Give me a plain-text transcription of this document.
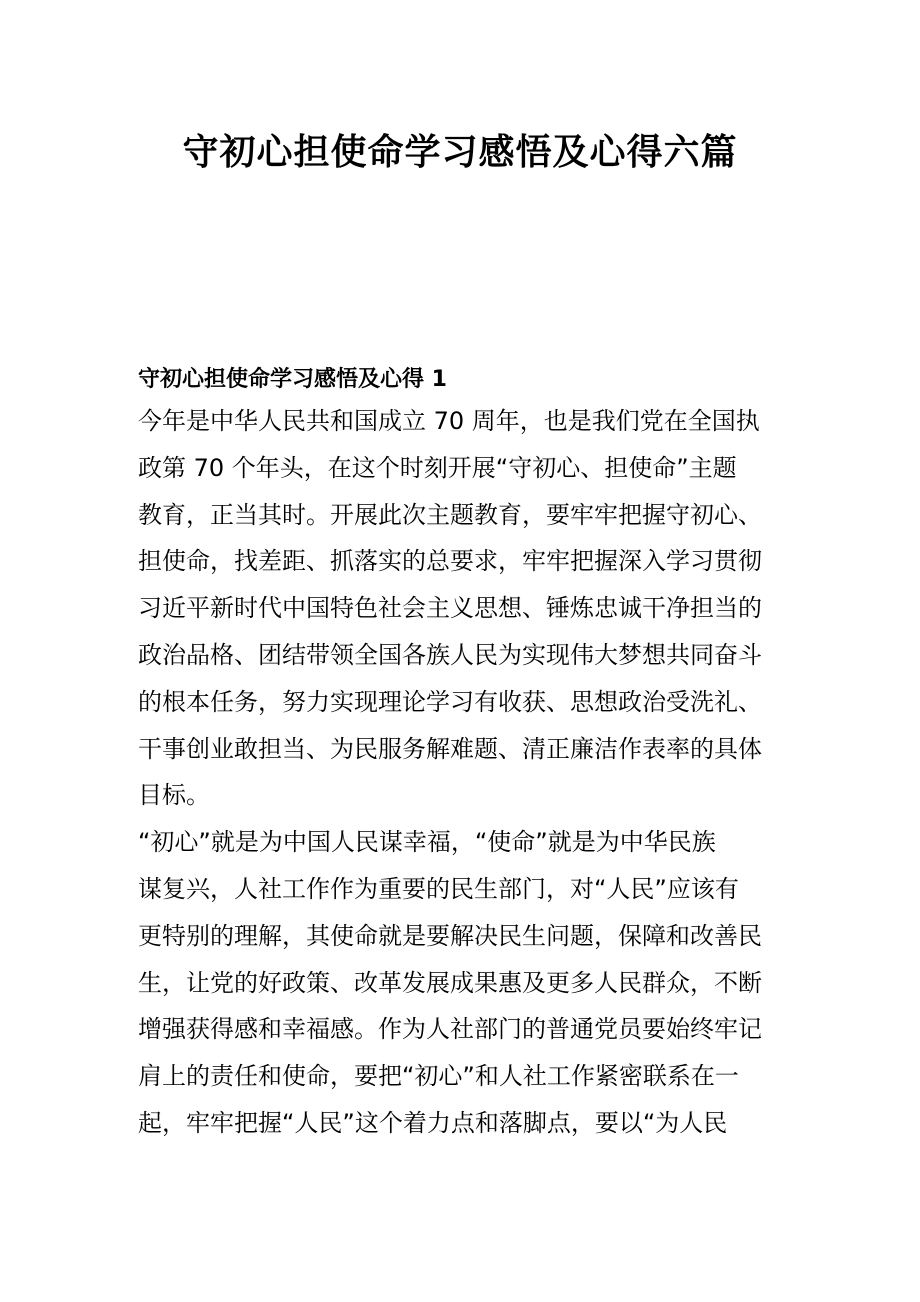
守初心担使命学习感悟及心得六篇

守初心担使命学习感悟及心得 1

今年是中华人民共和国成立 70 周年，也是我们党在全国执

政第 70 个年头，在这个时刻开展“守初心、担使命”主题

教育，正当其时。开展此次主题教育，要牢牢把握守初心、

担使命，找差距、抓落实的总要求，牢牢把握深入学习贯彻

习近平新时代中国特色社会主义思想、锤炼忠诚干净担当的

政治品格、团结带领全国各族人民为实现伟大梦想共同奋斗

的根本任务，努力实现理论学习有收获、思想政治受洗礼、

干事创业敢担当、为民服务解难题、清正廉洁作表率的具体

目标。

“初心”就是为中国人民谋幸福，“使命”就是为中华民族

谋复兴，人社工作作为重要的民生部门，对“人民”应该有

更特别的理解，其使命就是要解决民生问题，保障和改善民

生，让党的好政策、改革发展成果惠及更多人民群众，不断

增强获得感和幸福感。作为人社部门的普通党员要始终牢记

肩上的责任和使命，要把“初心”和人社工作紧密联系在一

起，牢牢把握“人民”这个着力点和落脚点，要以“为人民
